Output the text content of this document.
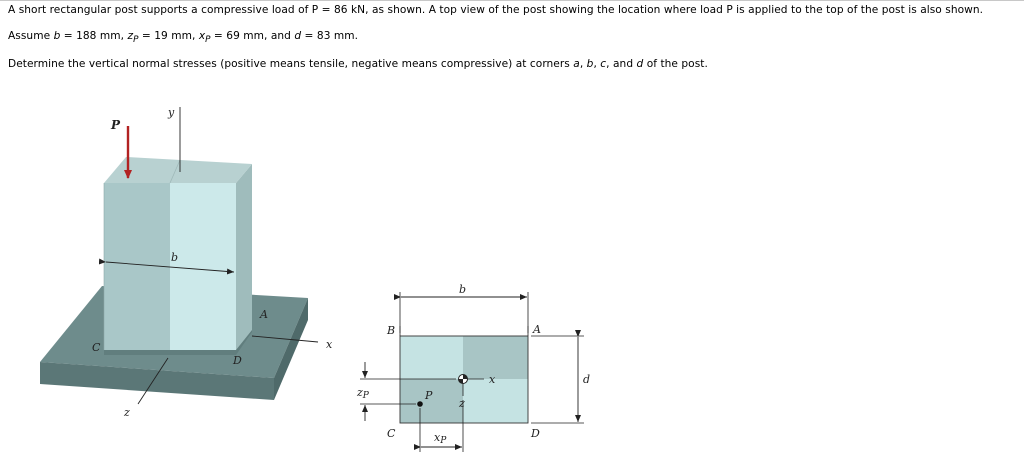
A short rectangular post supports a compressive load of P = 86 kN, as shown. A top view of the post showing the location where load P is applied to the top of the post is also shown.
Assume b = 188 mm, $z_P = 19$ mm, $x_P = 69$ mm, and d = 83 mm.
Determine the vertical normal stresses (positive means tensile, negative means compressive) at corners a, b, c, and d of the post.
P
y
b
x
z
A
C
D
b
d
B	A
C	D
x
z
P
zP
xP
